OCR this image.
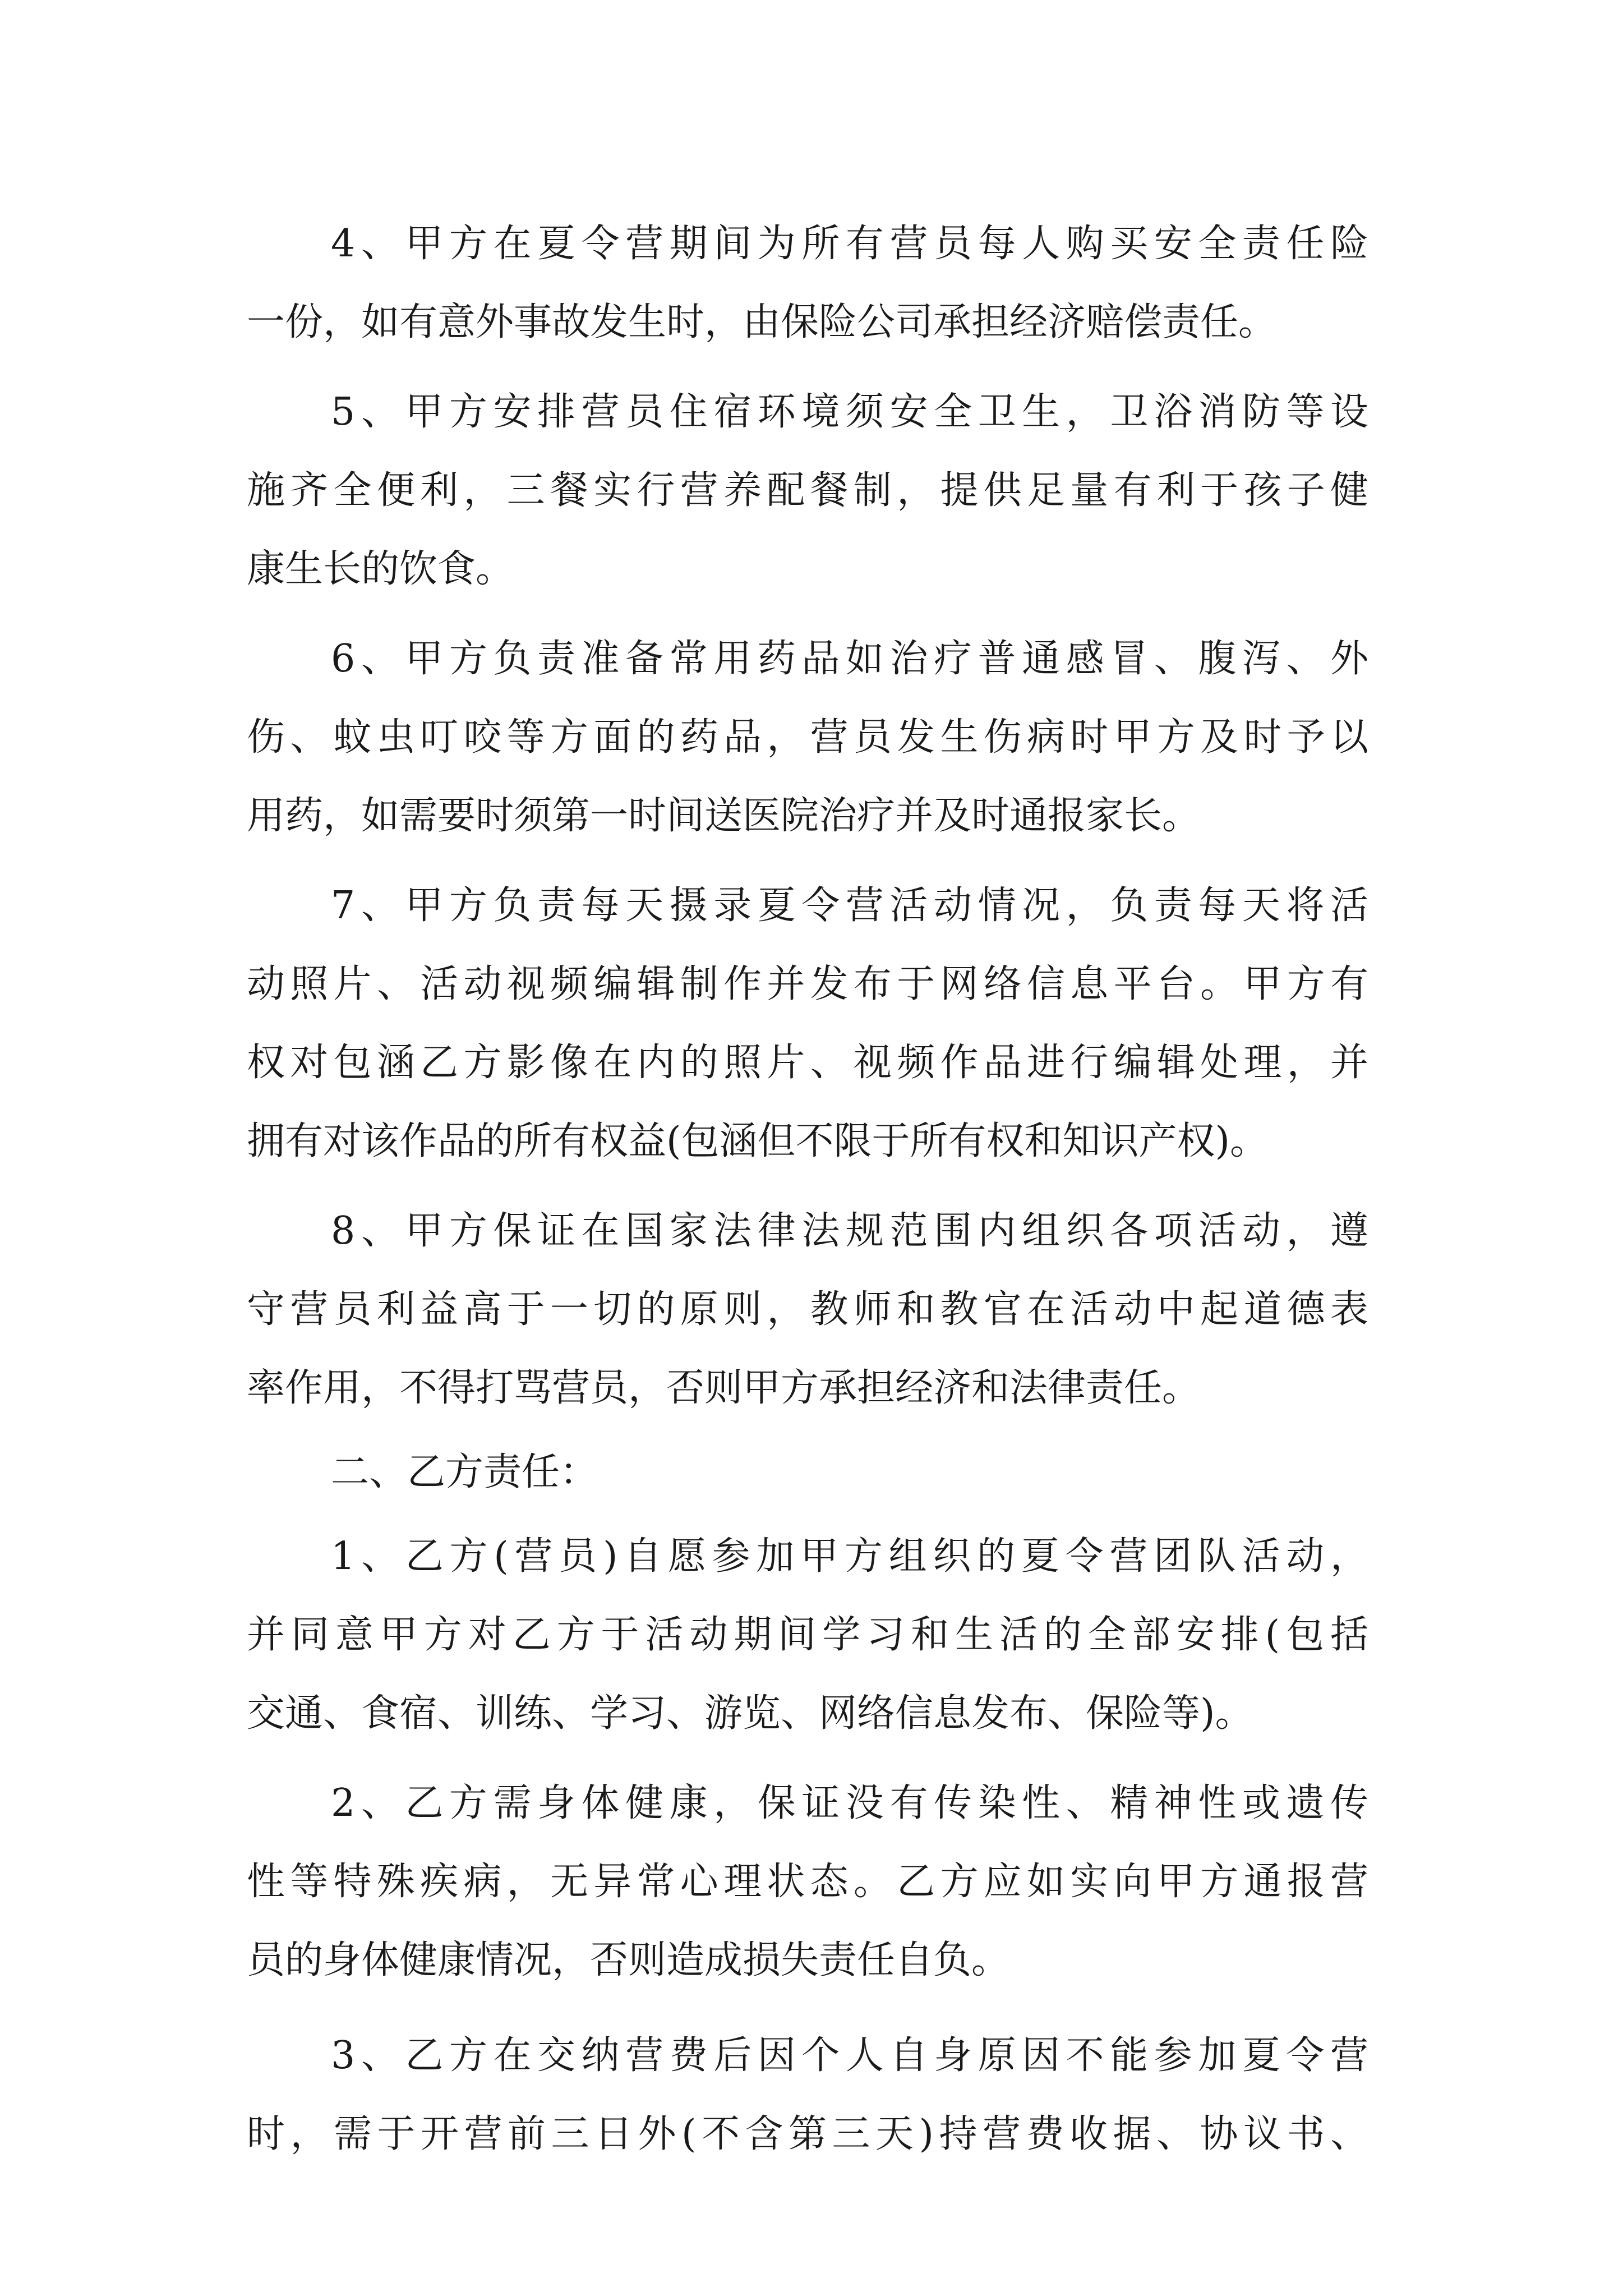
4、甲方在夏令营期间为所有营员每人购买安全责任险
一份，如有意外事故发生时，由保险公司承担经济赔偿责任。
5、甲方安排营员住宿环境须安全卫生，卫浴消防等设
施齐全便利，三餐实行营养配餐制，提供足量有利于孩子健
康生长的饮食。
6、甲方负责准备常用药品如治疗普通感冒、腹泻、外
伤、蚊虫叮咬等方面的药品，营员发生伤病时甲方及时予以
用药，如需要时须第一时间送医院治疗并及时通报家长。
7、甲方负责每天摄录夏令营活动情况，负责每天将活
动照片、活动视频编辑制作并发布于网络信息平台。甲方有
权对包涵乙方影像在内的照片、视频作品进行编辑处理，并
拥有对该作品的所有权益(包涵但不限于所有权和知识产权)。
8、甲方保证在国家法律法规范围内组织各项活动，遵
守营员利益高于一切的原则，教师和教官在活动中起道德表
率作用，不得打骂营员，否则甲方承担经济和法律责任。
二、乙方责任：
1、乙方(营员)自愿参加甲方组织的夏令营团队活动，
并同意甲方对乙方于活动期间学习和生活的全部安排(包括
交通、食宿、训练、学习、游览、网络信息发布、保险等)。
2、乙方需身体健康，保证没有传染性、精神性或遗传
性等特殊疾病，无异常心理状态。乙方应如实向甲方通报营
员的身体健康情况，否则造成损失责任自负。
3、乙方在交纳营费后因个人自身原因不能参加夏令营
时，需于开营前三日外(不含第三天)持营费收据、协议书、
